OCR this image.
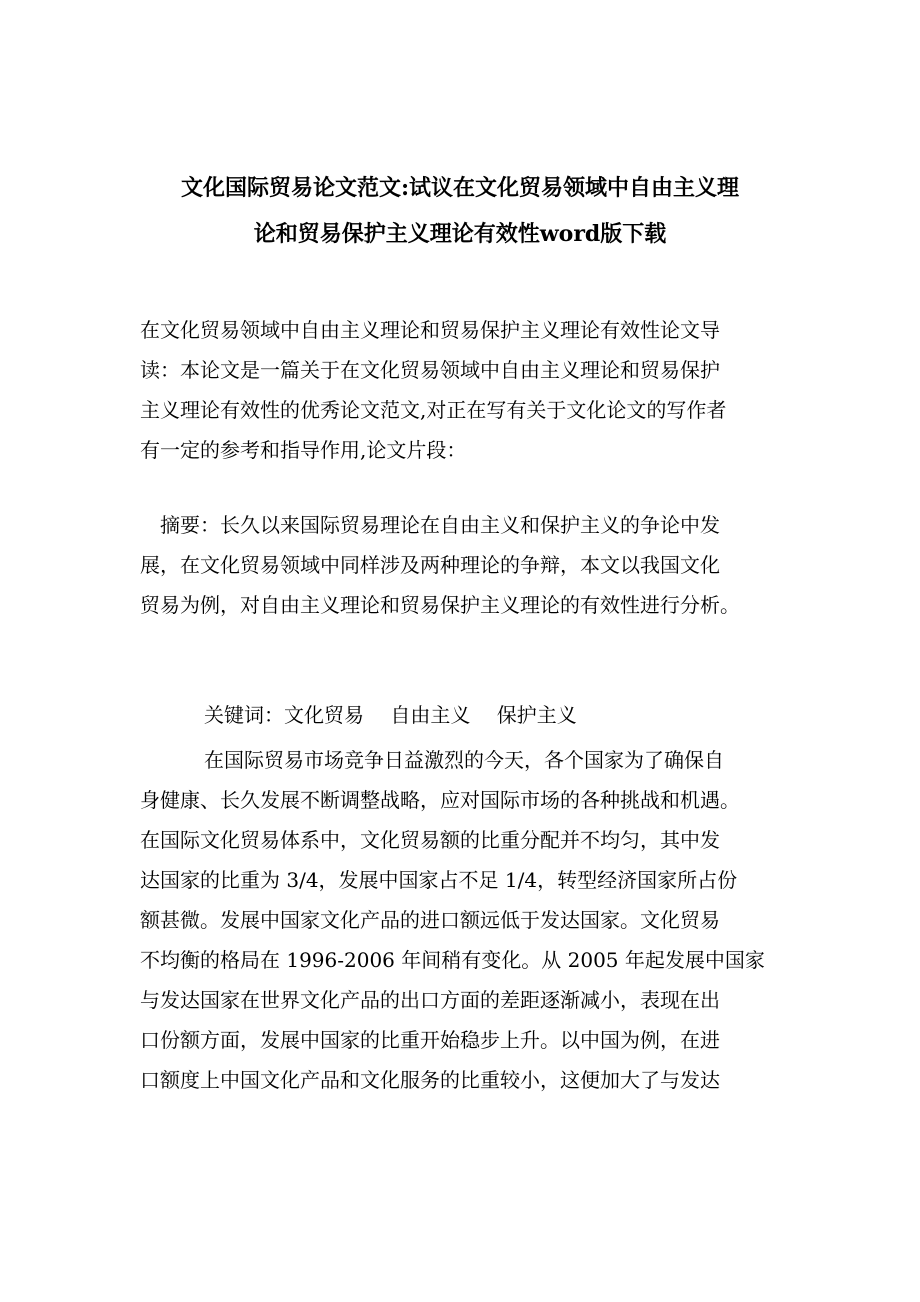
文化国际贸易论文范文:试议在文化贸易领域中自由主义理
论和贸易保护主义理论有效性word版下载
在文化贸易领域中自由主义理论和贸易保护主义理论有效性论文导
读：本论文是一篇关于在文化贸易领域中自由主义理论和贸易保护
主义理论有效性的优秀论文范文,对正在写有关于文化论文的写作者
有一定的参考和指导作用,论文片段：
　摘要：长久以来国际贸易理论在自由主义和保护主义的争论中发
展，在文化贸易领域中同样涉及两种理论的争辩，本文以我国文化
贸易为例，对自由主义理论和贸易保护主义理论的有效性进行分析。
关键词：文化贸易　 自由主义　 保护主义
在国际贸易市场竞争日益激烈的今天，各个国家为了确保自
身健康、长久发展不断调整战略，应对国际市场的各种挑战和机遇。
在国际文化贸易体系中，文化贸易额的比重分配并不均匀，其中发
达国家的比重为 3/4，发展中国家占不足 1/4，转型经济国家所占份
额甚微。发展中国家文化产品的进口额远低于发达国家。文化贸易
不均衡的格局在 1996-2006 年间稍有变化。从 2005 年起发展中国家
与发达国家在世界文化产品的出口方面的差距逐渐减小，表现在出
口份额方面，发展中国家的比重开始稳步上升。以中国为例，在进
口额度上中国文化产品和文化服务的比重较小，这便加大了与发达
